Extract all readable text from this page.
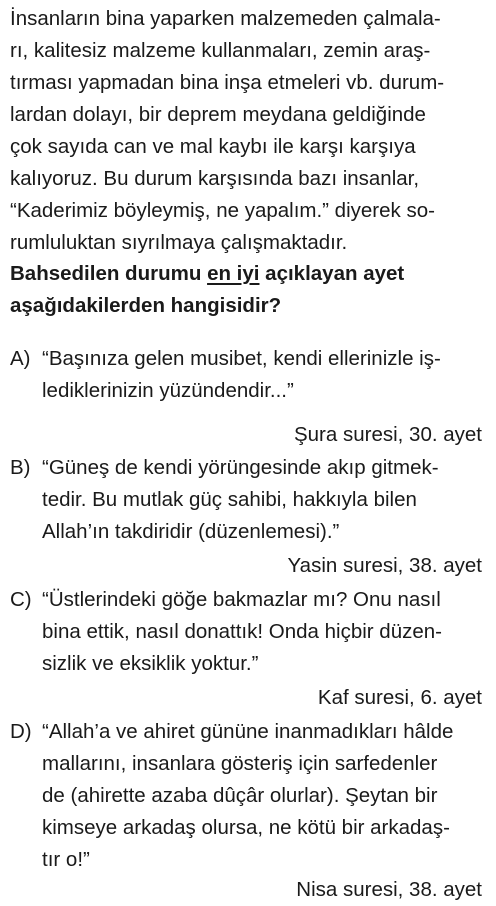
İnsanların bina yaparken malzemeden çalmala-
rı, kalitesiz malzeme kullanmaları, zemin araş-
tırması yapmadan bina inşa etmeleri vb. durum-
lardan dolayı, bir deprem meydana geldiğinde
çok sayıda can ve mal kaybı ile karşı karşıya
kalıyoruz. Bu durum karşısında bazı insanlar,
“Kaderimiz böyleymiş, ne yapalım.” diyerek so-
rumluluktan sıyrılmaya çalışmaktadır.
Bahsedilen durumu en iyi açıklayan ayet
aşağıdakilerden hangisidir?
A) “Başınıza gelen musibet, kendi ellerinizle iş-
lediklerinizin yüzündendir...”
Şura suresi, 30. ayet
B) “Güneş de kendi yörüngesinde akıp gitmek-
tedir. Bu mutlak güç sahibi, hakkıyla bilen
Allah’ın takdiridir (düzenlemesi).”
Yasin suresi, 38. ayet
C) “Üstlerindeki göğe bakmazlar mı? Onu nasıl
bina ettik, nasıl donattık! Onda hiçbir düzen-
sizlik ve eksiklik yoktur.”
Kaf suresi, 6. ayet
D) “Allah’a ve ahiret gününe inanmadıkları hâlde
mallarını, insanlara gösteriş için sarfedenler
de (ahirette azaba dûçâr olurlar). Şeytan bir
kimseye arkadaş olursa, ne kötü bir arkadaş-
tır o!”
Nisa suresi, 38. ayet
